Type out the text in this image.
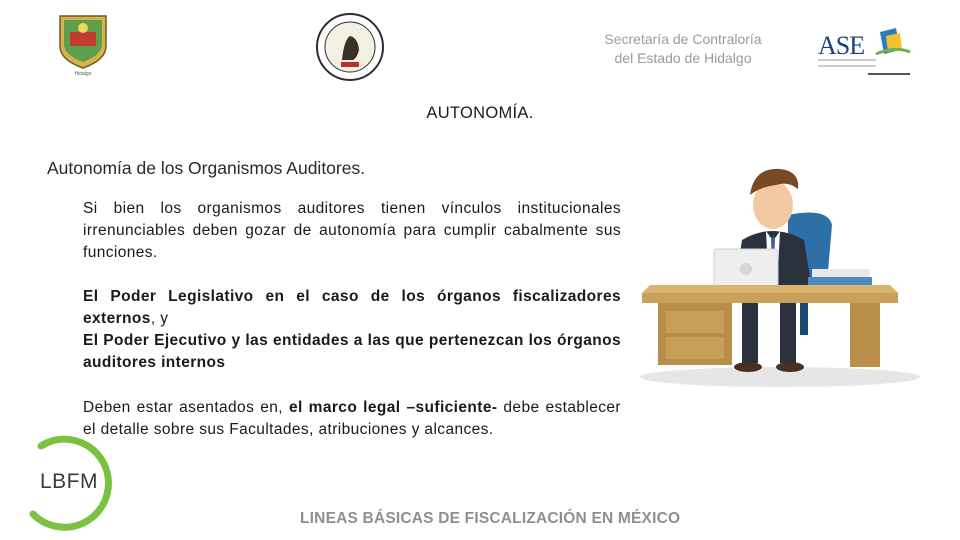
Hidalgo
Secretaría de Contraloría
del Estado de Hidalgo	ASE
AUTONOMÍA.
Autonomía de los Organismos Auditores.
Si bien los organismos auditores tienen vínculos institucionales irrenunciables deben gozar de autonomía para cumplir cabalmente sus funciones.
El Poder Legislativo en el caso de los órganos fiscalizadores externos, y
El Poder Ejecutivo y las entidades a las que pertenezcan los órganos auditores internos
Deben estar asentados en, el marco legal –suficiente- debe establecer el detalle sobre sus Facultades, atribuciones y alcances.
LBFM
LINEAS BÁSICAS DE FISCALIZACIÓN EN MÉXICO
